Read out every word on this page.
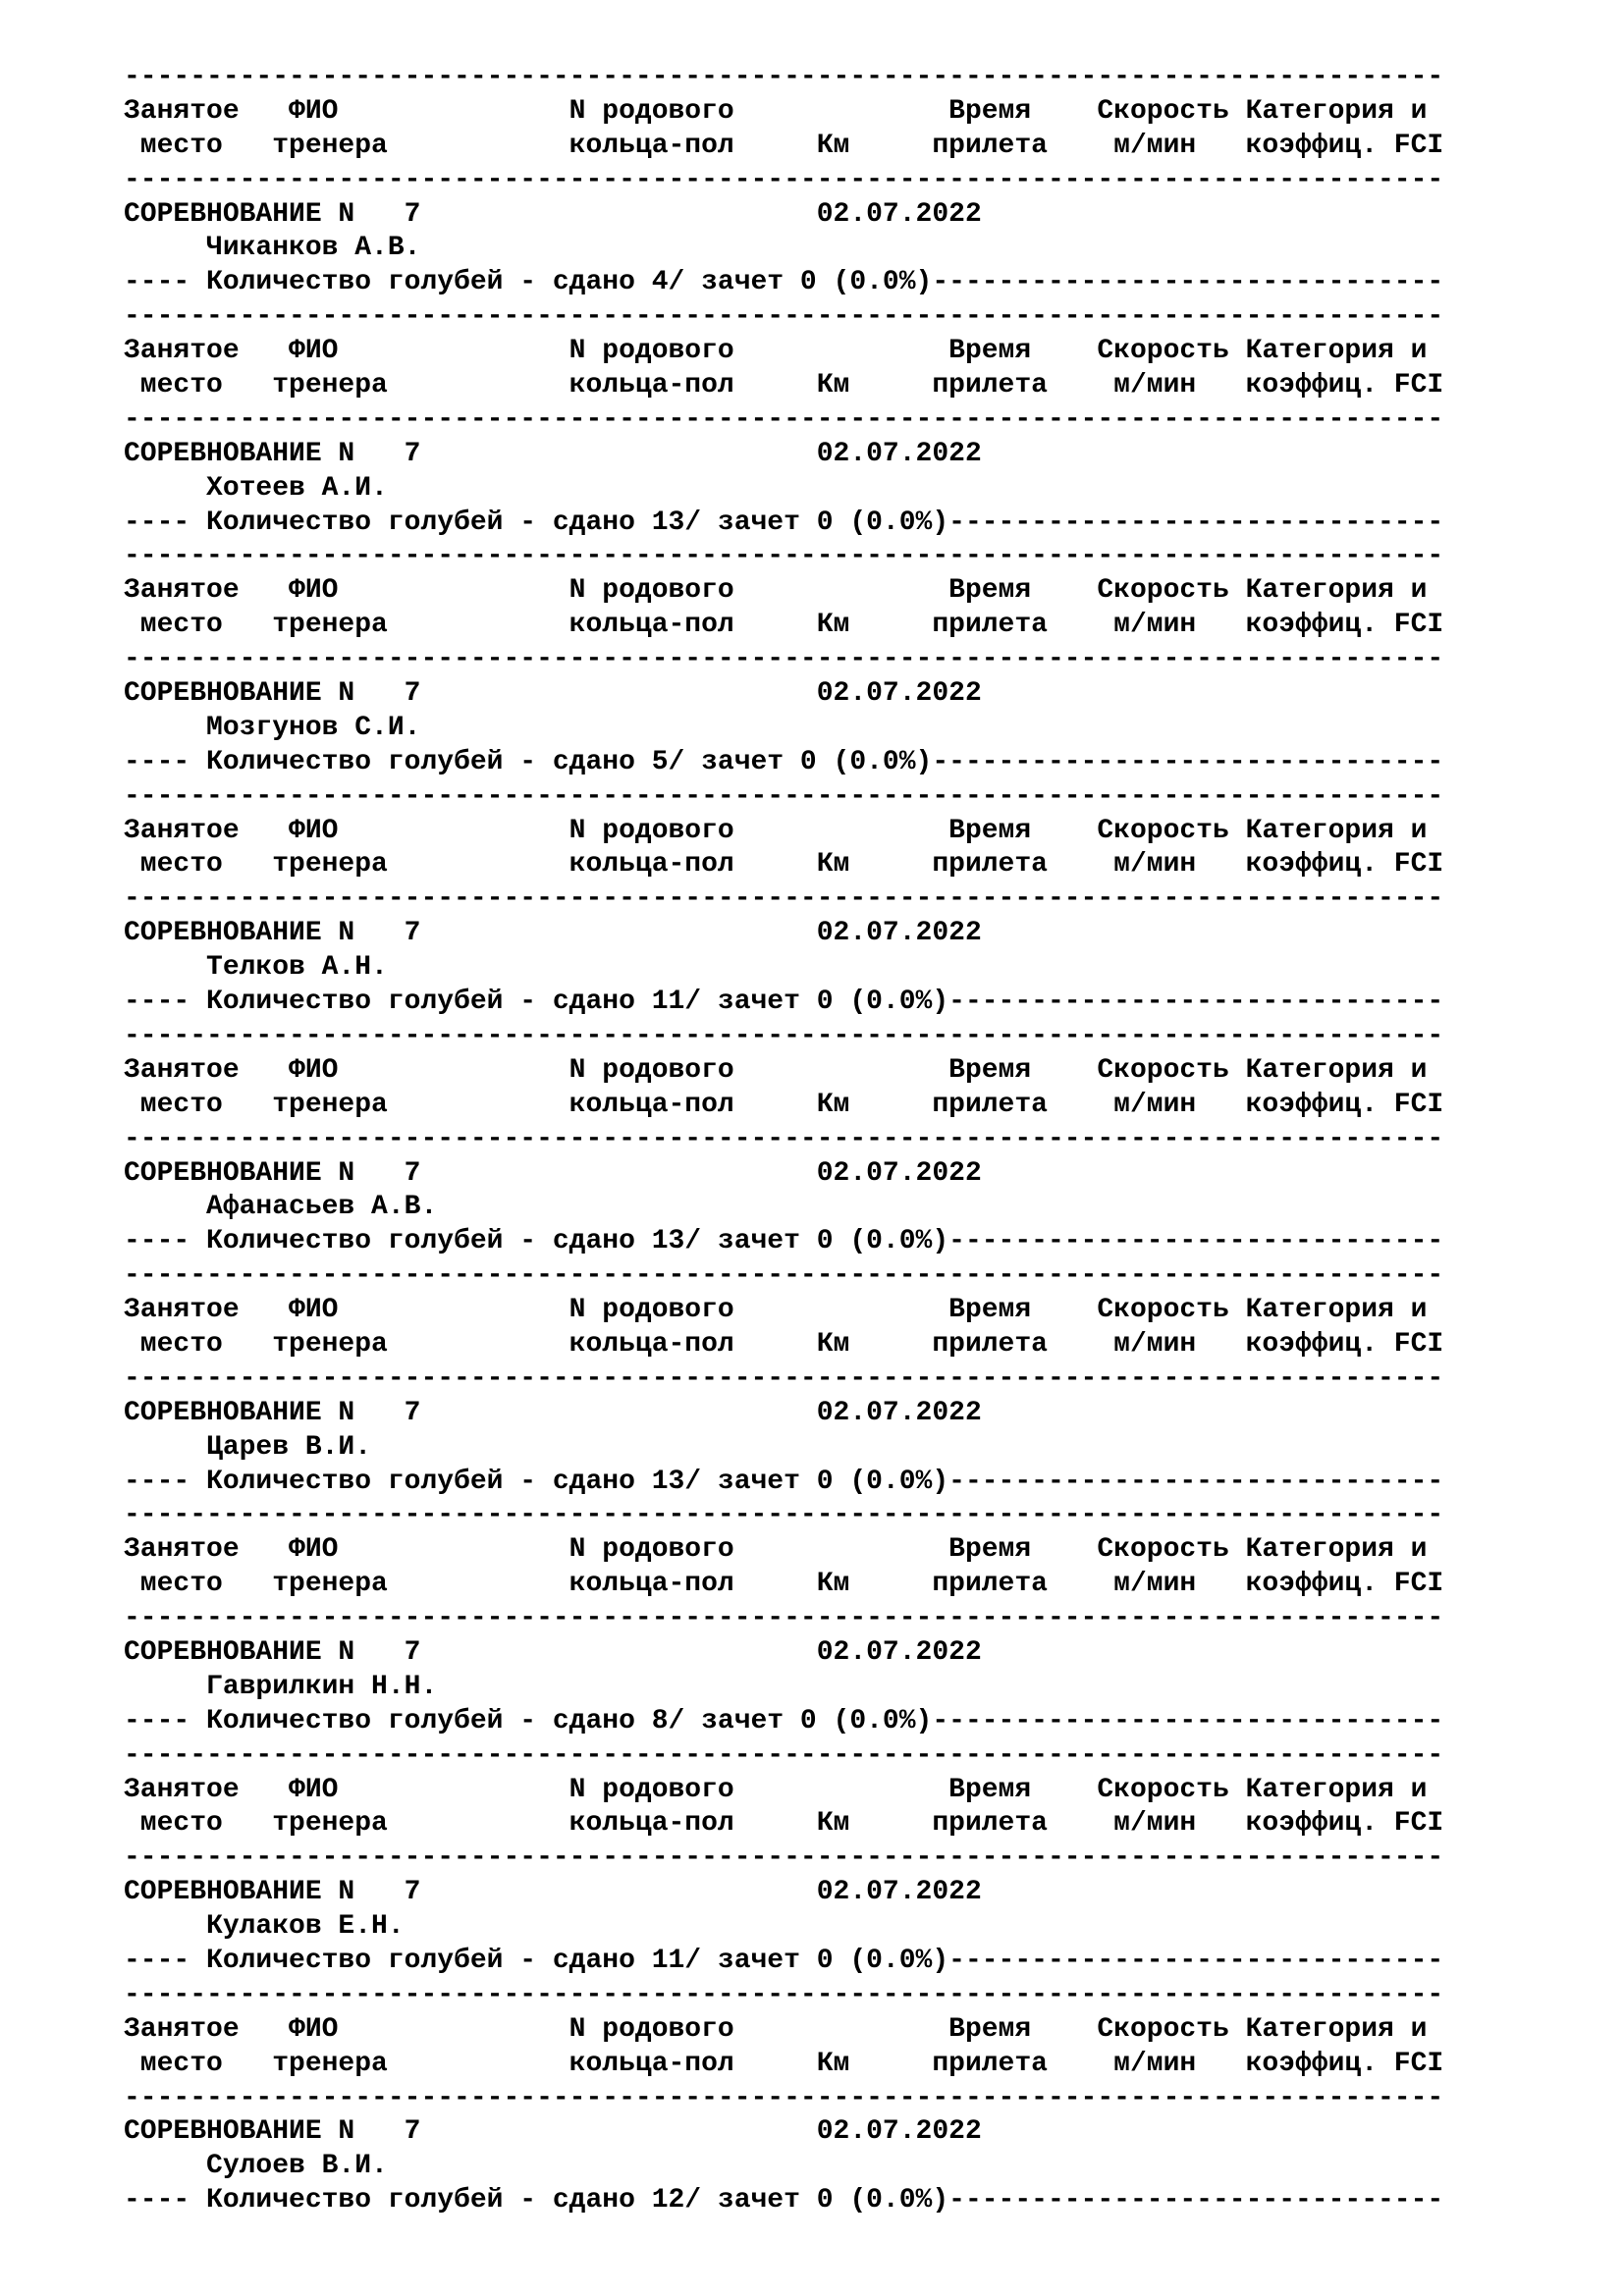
--------------------------------------------------------------------------------
Занятое   ФИО              N родового             Время    Скорость Категория и
место   тренера           кольца-пол     Км     прилета    м/мин   коэффиц. FCI
--------------------------------------------------------------------------------
СОРЕВНОВАНИЕ N   7	02.07.2022
Чиканков А.В.
---- Количество голубей - сдано 4/ зачет 0 (0.0%)-------------------------------
--------------------------------------------------------------------------------
Занятое   ФИО              N родового             Время    Скорость Категория и
место   тренера           кольца-пол     Км     прилета    м/мин   коэффиц. FCI
--------------------------------------------------------------------------------
СОРЕВНОВАНИЕ N   7	02.07.2022
Хотеев А.И.
---- Количество голубей - сдано 13/ зачет 0 (0.0%)------------------------------
--------------------------------------------------------------------------------
Занятое   ФИО              N родового             Время    Скорость Категория и
место   тренера           кольца-пол     Км     прилета    м/мин   коэффиц. FCI
--------------------------------------------------------------------------------
СОРЕВНОВАНИЕ N   7	02.07.2022
Мозгунов С.И.
---- Количество голубей - сдано 5/ зачет 0 (0.0%)-------------------------------
--------------------------------------------------------------------------------
Занятое   ФИО              N родового             Время    Скорость Категория и
место   тренера           кольца-пол     Км     прилета    м/мин   коэффиц. FCI
--------------------------------------------------------------------------------
СОРЕВНОВАНИЕ N   7	02.07.2022
Телков А.Н.
---- Количество голубей - сдано 11/ зачет 0 (0.0%)------------------------------
--------------------------------------------------------------------------------
Занятое   ФИО              N родового             Время    Скорость Категория и
место   тренера           кольца-пол     Км     прилета    м/мин   коэффиц. FCI
--------------------------------------------------------------------------------
СОРЕВНОВАНИЕ N   7	02.07.2022
Афанасьев А.В.
---- Количество голубей - сдано 13/ зачет 0 (0.0%)------------------------------
--------------------------------------------------------------------------------
Занятое   ФИО              N родового             Время    Скорость Категория и
место   тренера           кольца-пол     Км     прилета    м/мин   коэффиц. FCI
--------------------------------------------------------------------------------
СОРЕВНОВАНИЕ N   7	02.07.2022
Царев В.И.
---- Количество голубей - сдано 13/ зачет 0 (0.0%)------------------------------
--------------------------------------------------------------------------------
Занятое   ФИО              N родового             Время    Скорость Категория и
место   тренера           кольца-пол     Км     прилета    м/мин   коэффиц. FCI
--------------------------------------------------------------------------------
СОРЕВНОВАНИЕ N   7	02.07.2022
Гаврилкин Н.Н.
---- Количество голубей - сдано 8/ зачет 0 (0.0%)-------------------------------
--------------------------------------------------------------------------------
Занятое   ФИО              N родового             Время    Скорость Категория и
место   тренера           кольца-пол     Км     прилета    м/мин   коэффиц. FCI
--------------------------------------------------------------------------------
СОРЕВНОВАНИЕ N   7	02.07.2022
Кулаков Е.Н.
---- Количество голубей - сдано 11/ зачет 0 (0.0%)------------------------------
--------------------------------------------------------------------------------
Занятое   ФИО              N родового             Время    Скорость Категория и
место   тренера           кольца-пол     Км     прилета    м/мин   коэффиц. FCI
--------------------------------------------------------------------------------
СОРЕВНОВАНИЕ N   7	02.07.2022
Сулоев В.И.
---- Количество голубей - сдано 12/ зачет 0 (0.0%)------------------------------
